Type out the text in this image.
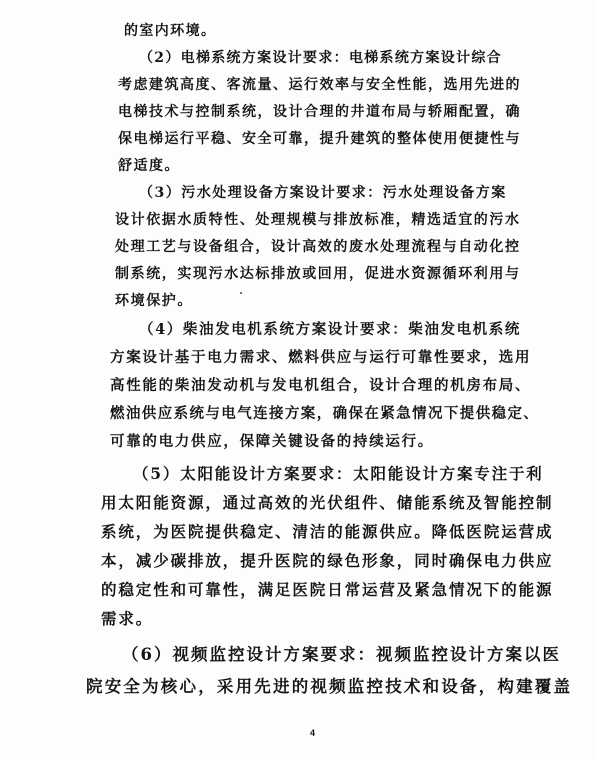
的室内环境。
（2）电梯系统方案设计要求：电梯系统方案设计综合
考虑建筑高度、客流量、运行效率与安全性能，选用先进的
电梯技术与控制系统，设计合理的井道布局与轿厢配置，确
保电梯运行平稳、安全可靠，提升建筑的整体使用便捷性与
舒适度。
（3）污水处理设备方案设计要求：污水处理设备方案
设计依据水质特性、处理规模与排放标准，精选适宜的污水
处理工艺与设备组合，设计高效的废水处理流程与自动化控
制系统，实现污水达标排放或回用，促进水资源循环利用与
环境保护。
（4）柴油发电机系统方案设计要求：柴油发电机系统
方案设计基于电力需求、燃料供应与运行可靠性要求，选用
高性能的柴油发动机与发电机组合，设计合理的机房布局、
燃油供应系统与电气连接方案，确保在紧急情况下提供稳定、
可靠的电力供应，保障关键设备的持续运行。
（5）太阳能设计方案要求：太阳能设计方案专注于利
用太阳能资源，通过高效的光伏组件、储能系统及智能控制
系统，为医院提供稳定、清洁的能源供应。降低医院运营成
本，减少碳排放，提升医院的绿色形象，同时确保电力供应
的稳定性和可靠性，满足医院日常运营及紧急情况下的能源
需求。
（6）视频监控设计方案要求：视频监控设计方案以医
院安全为核心，采用先进的视频监控技术和设备，构建覆盖
4
